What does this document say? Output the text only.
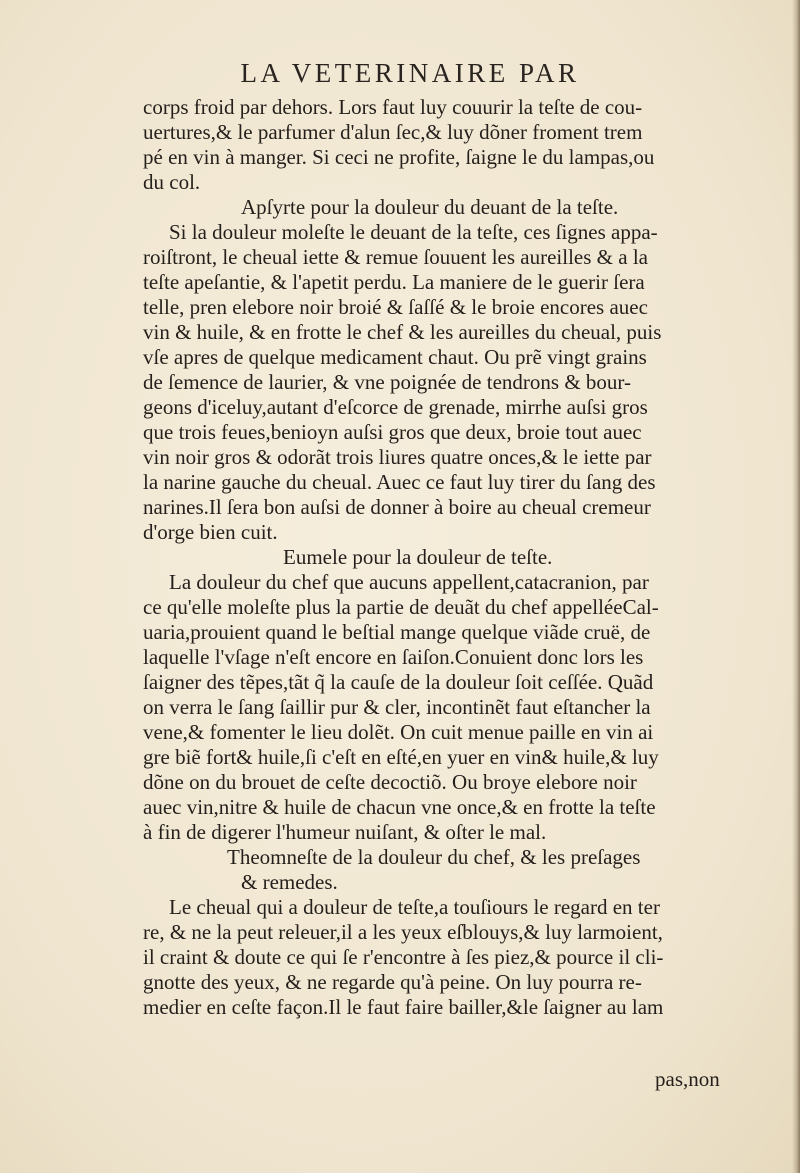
LA VETERINAIRE PAR
corps froid par dehors. Lors faut luy couurir la teſte de cou-
uertures,& le parfumer d'alun ſec,& luy dõner froment trem
pé en vin à manger. Si ceci ne profite, ſaigne le du lampas,ou
du col.
Apſyrte pour la douleur du deuant de la teſte.
Si la douleur moleſte le deuant de la teſte, ces ſignes appa-
roiſtront, le cheual iette & remue ſouuent les aureilles & a la
teſte apeſantie, & l'apetit perdu. La maniere de le guerir ſera
telle, pren elebore noir broié & ſaſſé & le broie encores auec
vin & huile, & en frotte le chef & les aureilles du cheual, puis
vſe apres de quelque medicament chaut. Ou prẽ vingt grains
de ſemence de laurier, & vne poignée de tendrons & bour-
geons d'iceluy,autant d'eſcorce de grenade, mirrhe auſsi gros
que trois feues,benioyn auſsi gros que deux, broie tout auec
vin noir gros & odorãt trois liures quatre onces,& le iette par
la narine gauche du cheual. Auec ce faut luy tirer du ſang des
narines.Il ſera bon auſsi de donner à boire au cheual cremeur
d'orge bien cuit.
Eumele pour la douleur de teſte.
La douleur du chef que aucuns appellent,catacranion, par
ce qu'elle moleſte plus la partie de deuãt du chef appelléeCal-
uaria,prouient quand le beſtial mange quelque viãde cruë, de
laquelle l'vſage n'eſt encore en ſaiſon.Conuient donc lors les
ſaigner des tẽpes,tãt q̃ la cauſe de la douleur ſoit ceſſée. Quãd
on verra le ſang ſaillir pur & cler, incontinẽt faut eſtancher la
vene,& fomenter le lieu dolẽt. On cuit menue paille en vin ai
gre biẽ fort& huile,ſi c'eſt en eſté,en yuer en vin& huile,& luy
dõne on du brouet de ceſte decoctiõ. Ou broye elebore noir
auec vin,nitre & huile de chacun vne once,& en frotte la teſte
à fin de digerer l'humeur nuiſant, & oſter le mal.
Theomneſte de la douleur du chef, & les preſages
& remedes.
Le cheual qui a douleur de teſte,a touſiours le regard en ter
re, & ne la peut releuer,il a les yeux eſblouys,& luy larmoient,
il craint & doute ce qui ſe r'encontre à ſes piez,& pource il cli-
gnotte des yeux, & ne regarde qu'à peine. On luy pourra re-
medier en ceſte façon.Il le faut faire bailler,&le ſaigner au lam
pas,non
